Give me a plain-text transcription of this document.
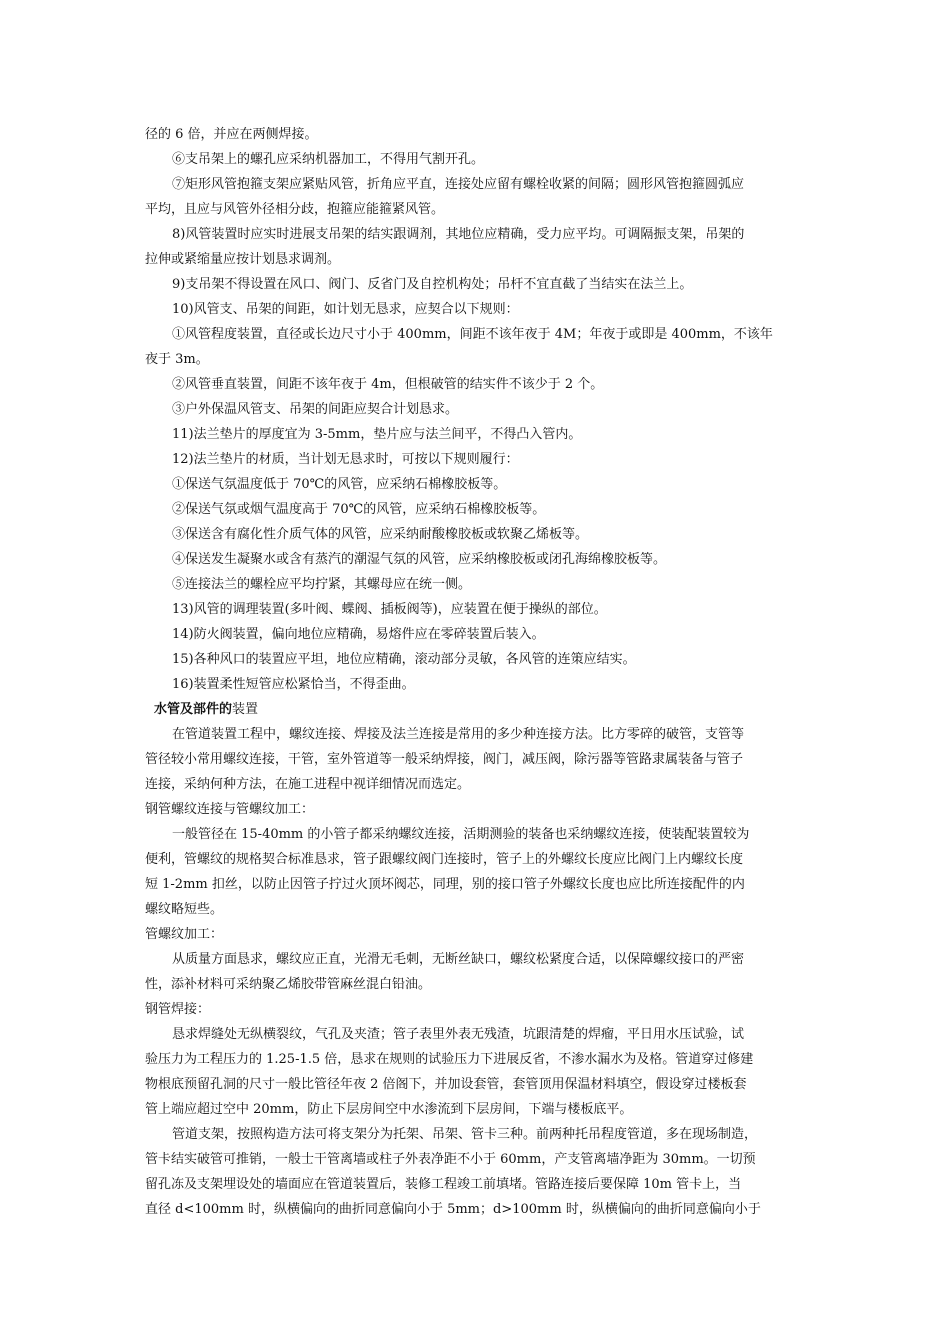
径的 6 倍，并应在两侧焊接。
⑥支吊架上的螺孔应采纳机器加工，不得用气割开孔。
⑦矩形风管抱箍支架应紧贴风管，折角应平直，连接处应留有螺栓收紧的间隔；圆形风管抱箍圆弧应
平均，且应与风管外径相分歧，抱箍应能箍紧风管。
8)风管装置时应实时进展支吊架的结实跟调剂，其地位应精确，受力应平均。可调隔振支架，吊架的
拉伸或紧缩量应按计划恳求调剂。
9)支吊架不得设置在风口、阀门、反省门及自控机构处；吊杆不宜直截了当结实在法兰上。
10)风管支、吊架的间距，如计划无恳求，应契合以下规则：
①风管程度装置，直径或长边尺寸小于 400mm，间距不该年夜于 4M；年夜于或即是 400mm，不该年
夜于 3m。
②风管垂直装置，间距不该年夜于 4m，但根破管的结实件不该少于 2 个。
③户外保温风管支、吊架的间距应契合计划恳求。
11)法兰垫片的厚度宜为 3-5mm，垫片应与法兰间平，不得凸入管内。
12)法兰垫片的材质，当计划无恳求时，可按以下规则履行：
①保送气氛温度低于 70℃的风管，应采纳石棉橡胶板等。
②保送气氛或烟气温度高于 70℃的风管，应采纳石棉橡胶板等。
③保送含有腐化性介质气体的风管，应采纳耐酸橡胶板或软聚乙烯板等。
④保送发生凝聚水或含有蒸汽的潮湿气氛的风管，应采纳橡胶板或闭孔海绵橡胶板等。
⑤连接法兰的螺栓应平均拧紧，其螺母应在统一侧。
13)风管的调理装置(多叶阀、蝶阀、插板阀等)，应装置在便于操纵的部位。
14)防火阀装置，偏向地位应精确，易熔件应在零碎装置后装入。
15)各种风口的装置应平坦，地位应精确，滚动部分灵敏，各风管的连策应结实。
16)装置柔性短管应松紧恰当，不得歪曲。
水管及部件的装置
在管道装置工程中，螺纹连接、焊接及法兰连接是常用的多少种连接方法。比方零碎的破管，支管等
管径较小常用螺纹连接，干管，室外管道等一般采纳焊接，阀门，减压阀，除污器等管路隶属装备与管子
连接，采纳何种方法，在施工进程中视详细情况而选定。
钢管螺纹连接与管螺纹加工：
一般管径在 15-40mm 的小管子都采纳螺纹连接，活期测验的装备也采纳螺纹连接，使装配装置较为
便利，管螺纹的规格契合标准恳求，管子跟螺纹阀门连接时，管子上的外螺纹长度应比阀门上内螺纹长度
短 1-2mm 扣丝，以防止因管子拧过火顶坏阀芯，同理，别的接口管子外螺纹长度也应比所连接配件的内
螺纹略短些。
管螺纹加工：
从质量方面恳求，螺纹应正直，光滑无毛刺，无断丝缺口，螺纹松紧度合适，以保障螺纹接口的严密
性，添补材料可采纳聚乙烯胶带管麻丝混白铅油。
钢管焊接：
恳求焊缝处无纵横裂纹，气孔及夹渣；管子表里外表无残渣，坑跟清楚的焊瘤，平日用水压试验，试
验压力为工程压力的 1.25-1.5 倍，恳求在规则的试验压力下进展反省，不渗水漏水为及格。管道穿过修建
物根底预留孔洞的尺寸一般比管径年夜 2 倍阁下，并加设套管，套管顶用保温材料填空，假设穿过楼板套
管上端应超过空中 20mm，防止下层房间空中水渗流到下层房间，下端与楼板底平。
管道支架，按照构造方法可将支架分为托架、吊架、管卡三种。前两种托吊程度管道，多在现场制造，
管卡结实破管可推销，一般士干管离墙或柱子外表净距不小于 60mm，产支管离墙净距为 30mm。一切预
留孔冻及支架埋设处的墙面应在管道装置后，装修工程竣工前填堵。管路连接后要保障 10m 管卡上，当
直径 d<100mm 时，纵横偏向的曲折同意偏向小于 5mm；d>100mm 时，纵横偏向的曲折同意偏向小于
